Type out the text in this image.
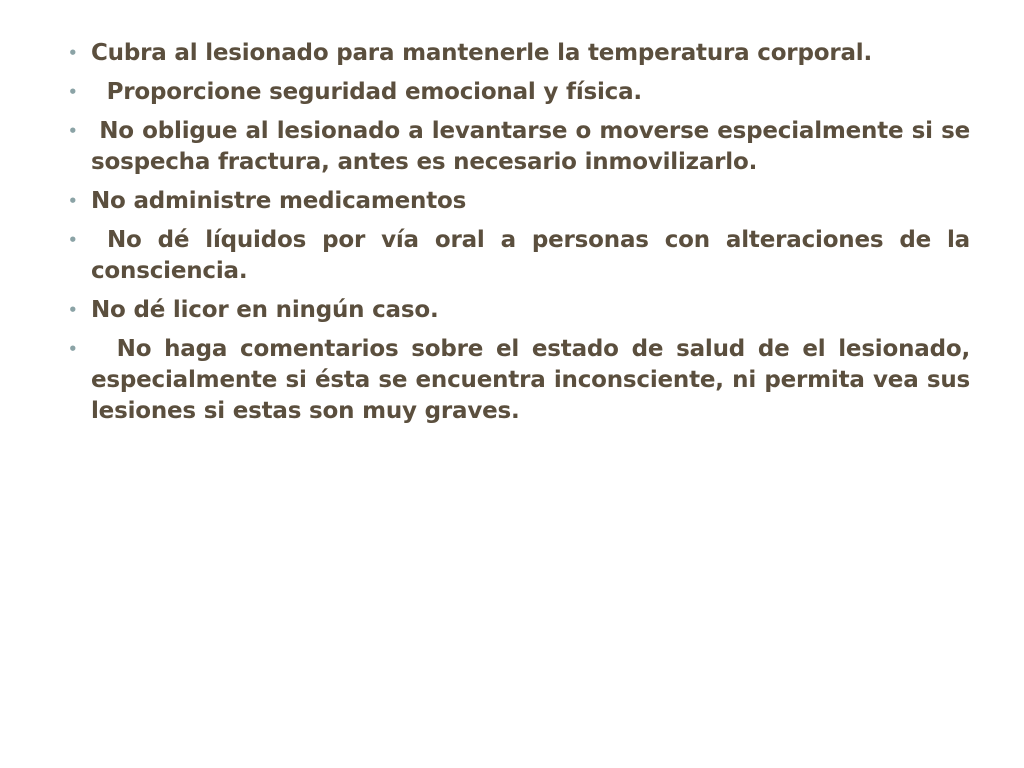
• Cubra al lesionado para mantenerle la temperatura corporal.
• Proporcione seguridad emocional y física.
• No obligue al lesionado a levantarse o moverse especialmente si se sospecha fractura, antes es necesario inmovilizarlo.
• No administre medicamentos
• No dé líquidos por vía oral a personas con alteraciones de la consciencia.
• No dé licor en ningún caso.
• No haga comentarios sobre el estado de salud de el lesionado, especialmente si ésta se encuentra inconsciente, ni permita vea sus lesiones si estas son muy graves.
